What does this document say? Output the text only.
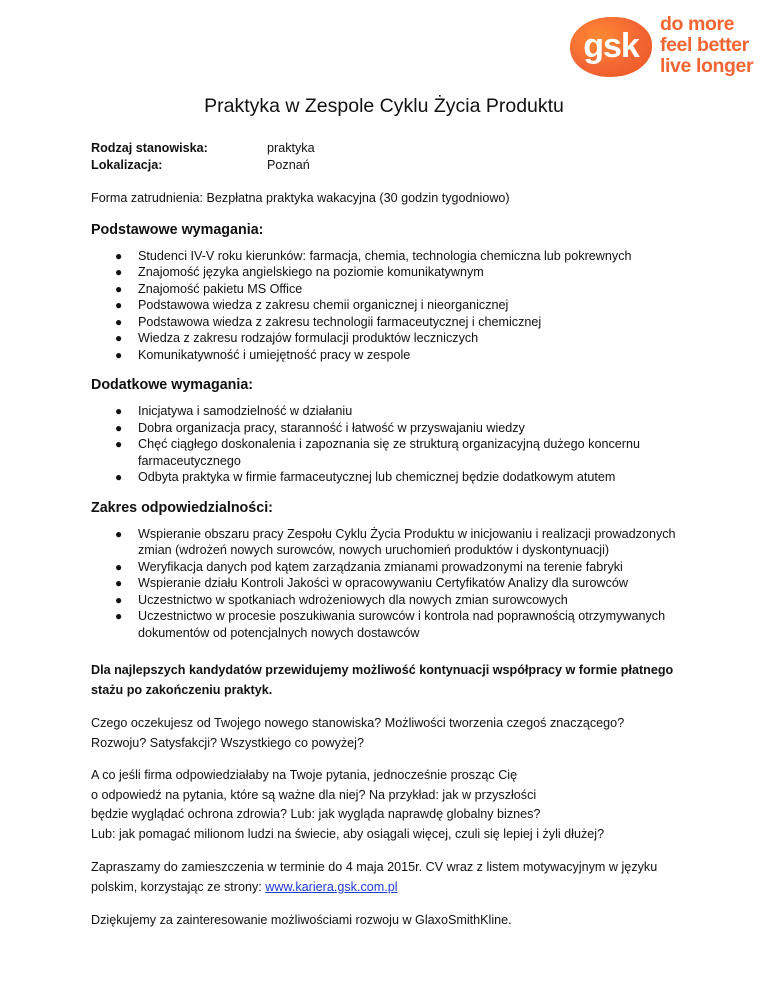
gsk
do more
feel better
live longer
Praktyka w Zespole Cyklu Życia Produktu
Rodzaj stanowiska:	praktyka
Lokalizacja:	Poznań

Forma zatrudnienia: Bezpłatna praktyka wakacyjna (30 godzin tygodniowo)

Podstawowe wymagania:
● Studenci IV-V roku kierunków: farmacja, chemia, technologia chemiczna lub pokrewnych
● Znajomość języka angielskiego na poziomie komunikatywnym
● Znajomość pakietu MS Office
● Podstawowa wiedza z zakresu chemii organicznej i nieorganicznej
● Podstawowa wiedza z zakresu technologii farmaceutycznej i chemicznej
● Wiedza z zakresu rodzajów formulacji produktów leczniczych
● Komunikatywność i umiejętność pracy w zespole
Dodatkowe wymagania:
● Inicjatywa i samodzielność w działaniu
● Dobra organizacja pracy, staranność i łatwość w przyswajaniu wiedzy
● Chęć ciągłego doskonalenia i zapoznania się ze strukturą organizacyjną dużego koncernu farmaceutycznego
● Odbyta praktyka w firmie farmaceutycznej lub chemicznej będzie dodatkowym atutem
Zakres odpowiedzialności:
● Wspieranie obszaru pracy Zespołu Cyklu Życia Produktu w inicjowaniu i realizacji prowadzonych zmian (wdrożeń nowych surowców, nowych uruchomień produktów i dyskontynuacji)
● Weryfikacja danych pod kątem zarządzania zmianami prowadzonymi na terenie fabryki
● Wspieranie działu Kontroli Jakości w opracowywaniu Certyfikatów Analizy dla surowców
● Uczestnictwo w spotkaniach wdrożeniowych dla nowych zmian surowcowych
● Uczestnictwo w procesie poszukiwania surowców i kontrola nad poprawnością otrzymywanych dokumentów od potencjalnych nowych dostawców

Dla najlepszych kandydatów przewidujemy możliwość kontynuacji współpracy w formie płatnego stażu po zakończeniu praktyk.

Czego oczekujesz od Twojego nowego stanowiska? Możliwości tworzenia czegoś znaczącego?
Rozwoju? Satysfakcji? Wszystkiego co powyżej?

A co jeśli firma odpowiedziałaby na Twoje pytania, jednocześnie prosząc Cię
o odpowiedź na pytania, które są ważne dla niej? Na przykład: jak w przyszłości
będzie wyglądać ochrona zdrowia? Lub: jak wygląda naprawdę globalny biznes?
Lub: jak pomagać milionom ludzi na świecie, aby osiągali więcej, czuli się lepiej i żyli dłużej?

Zapraszamy do zamieszczenia w terminie do 4 maja 2015r. CV wraz z listem motywacyjnym w języku polskim, korzystając ze strony: www.kariera.gsk.com.pl

Dziękujemy za zainteresowanie możliwościami rozwoju w GlaxoSmithKline.
